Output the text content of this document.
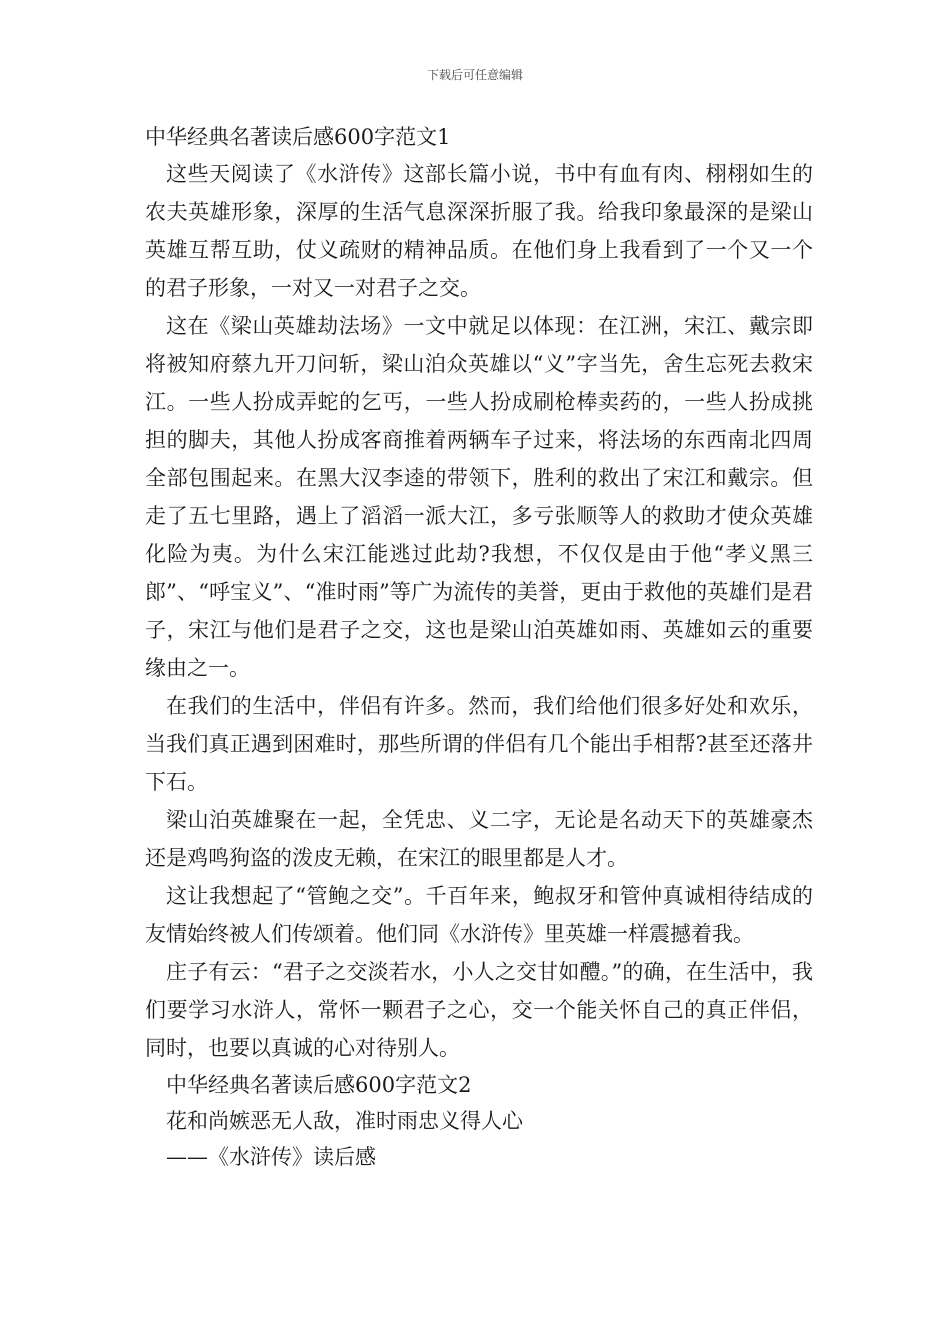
下载后可任意编辑

中华经典名著读后感600字范文1

这些天阅读了《水浒传》这部长篇小说，书中有血有肉、栩栩如生的农夫英雄形象，深厚的生活气息深深折服了我。给我印象最深的是梁山英雄互帮互助，仗义疏财的精神品质。在他们身上我看到了一个又一个的君子形象，一对又一对君子之交。

这在《梁山英雄劫法场》一文中就足以体现：在江洲，宋江、戴宗即将被知府蔡九开刀问斩，梁山泊众英雄以“义”字当先，舍生忘死去救宋江。一些人扮成弄蛇的乞丐，一些人扮成刷枪棒卖药的，一些人扮成挑担的脚夫，其他人扮成客商推着两辆车子过来，将法场的东西南北四周全部包围起来。在黑大汉李逵的带领下，胜利的救出了宋江和戴宗。但走了五七里路，遇上了滔滔一派大江，多亏张顺等人的救助才使众英雄化险为夷。为什么宋江能逃过此劫?我想，不仅仅是由于他“孝义黑三郎”、“呼宝义”、“准时雨”等广为流传的美誉，更由于救他的英雄们是君子，宋江与他们是君子之交，这也是梁山泊英雄如雨、英雄如云的重要缘由之一。

在我们的生活中，伴侣有许多。然而，我们给他们很多好处和欢乐，当我们真正遇到困难时，那些所谓的伴侣有几个能出手相帮?甚至还落井下石。

梁山泊英雄聚在一起，全凭忠、义二字，无论是名动天下的英雄豪杰还是鸡鸣狗盗的泼皮无赖，在宋江的眼里都是人才。

这让我想起了“管鲍之交”。千百年来，鲍叔牙和管仲真诚相待结成的友情始终被人们传颂着。他们同《水浒传》里英雄一样震撼着我。

庄子有云：“君子之交淡若水，小人之交甘如醴。”的确，在生活中，我们要学习水浒人，常怀一颗君子之心，交一个能关怀自己的真正伴侣，同时，也要以真诚的心对待别人。

中华经典名著读后感600字范文2

花和尚嫉恶无人敌，准时雨忠义得人心

——《水浒传》读后感
